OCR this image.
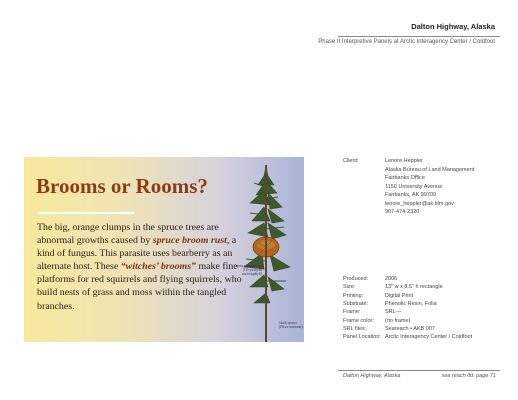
Dalton Highway, Alaska
Phase II Interpretive Panels at Arctic Interagency Center / Coldfoot
Brooms or Rooms?

The big, orange clumps in the spruce trees are abnormal growths caused by spruce broom rust, a kind of fungus. This parasite uses bearberry as an alternate host. These “witches’ brooms” make fine platforms for red squirrels and flying squirrels, who build nests of grass and moss within the tangled branches.

spruce broom rust (Chrysomyxa arctostaphyli)
black spruce (Picea mariana)
Client:	Lenore Heppler
Alaska Bureau of Land Management
Fairbanks Office
1150 University Avenue
Fairbanks, AK 99709
lenore_heppler@ak.blm.gov
907-474-2320
Produced:	2006
Size:	13" w x 8.5" h rectangle
Printing:	Digital Print
Substrate:	Phenolic Resin, Folia
Frame:	SRL—
Frame color: (no frame)
SRL files:	Seareach • AKB 007
Panel Location: Arctic Interagency Center / Coldfoot
Dalton Highway, Alaska	sea reach ltd. page 71
